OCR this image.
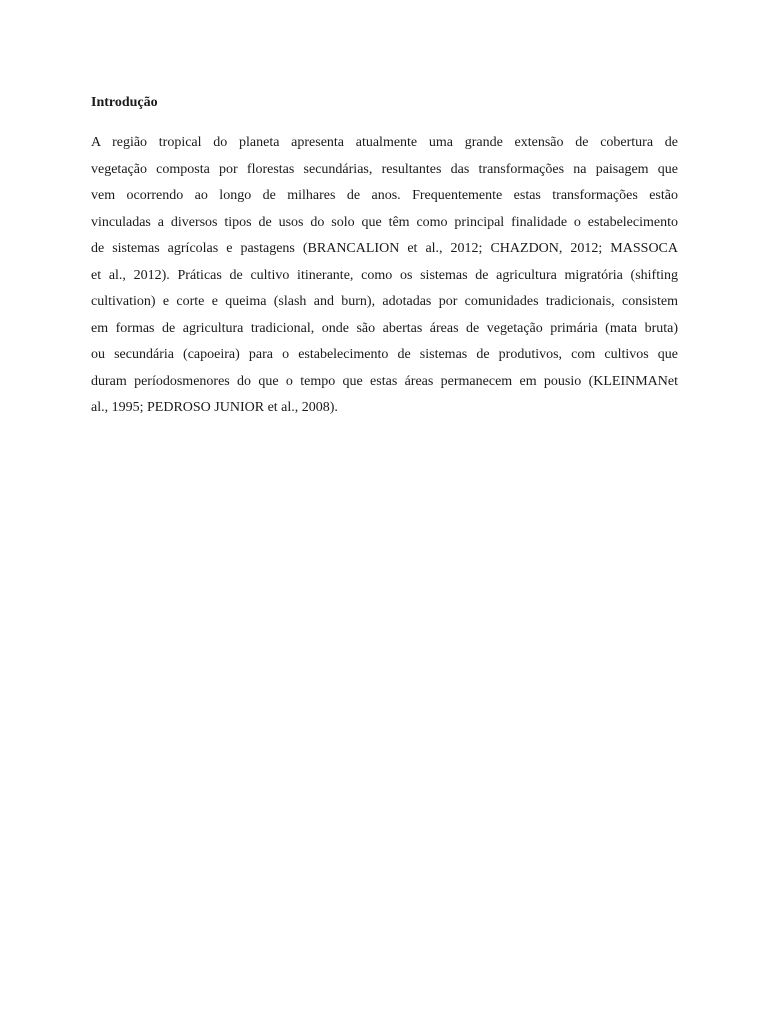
Introdução
A região tropical do planeta apresenta atualmente uma grande extensão de cobertura de
vegetação composta por florestas secundárias, resultantes das transformações na paisagem que
vem ocorrendo ao longo de milhares de anos. Frequentemente estas transformações estão
vinculadas a diversos tipos de usos do solo que têm como principal finalidade o estabelecimento
de sistemas agrícolas e pastagens (BRANCALION et al., 2012; CHAZDON, 2012; MASSOCA
et al., 2012). Práticas de cultivo itinerante, como os sistemas de agricultura migratória (shifting
cultivation) e corte e queima (slash and burn), adotadas por comunidades tradicionais, consistem
em formas de agricultura tradicional, onde são abertas áreas de vegetação primária (mata bruta)
ou secundária (capoeira) para o estabelecimento de sistemas de produtivos, com cultivos que
duram períodosmenores do que o tempo que estas áreas permanecem em pousio (KLEINMANet
al., 1995; PEDROSO JUNIOR et al., 2008).
